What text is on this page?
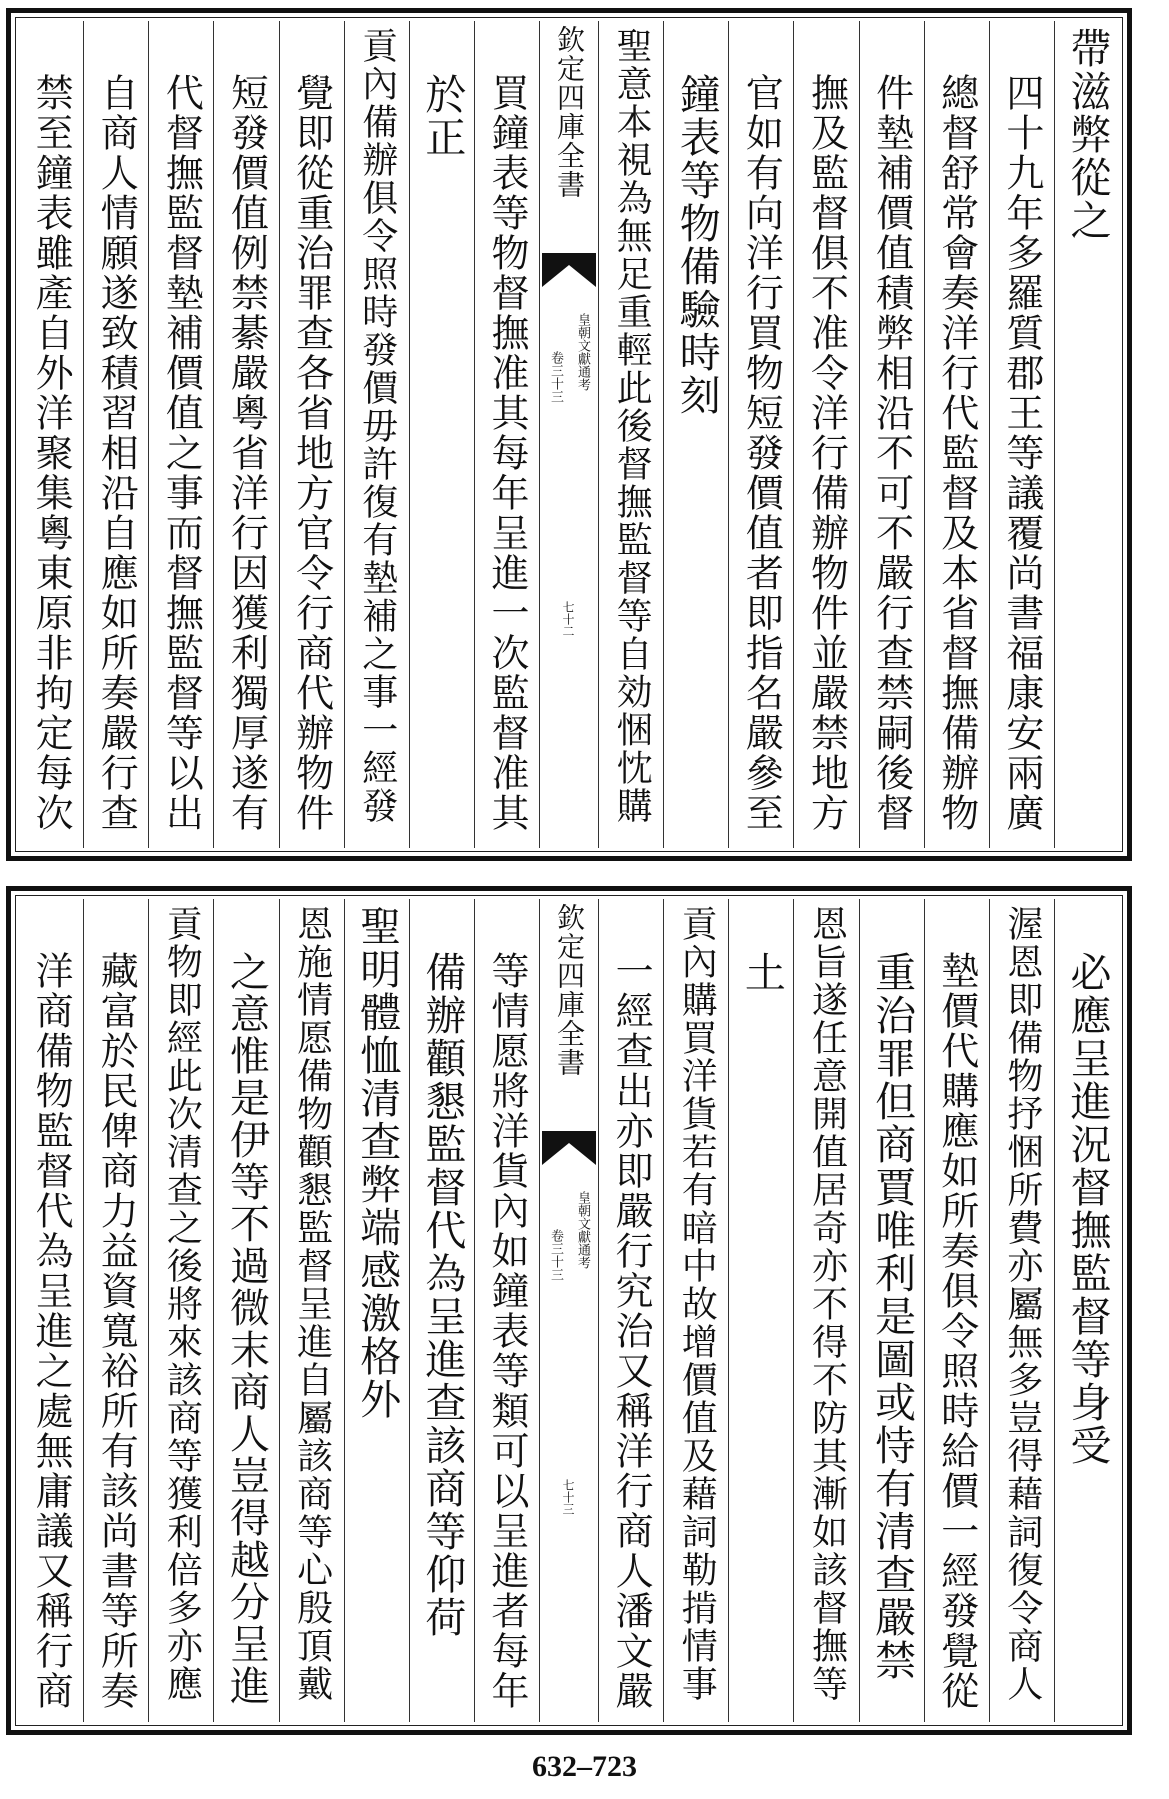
帶滋弊從之
四十九年多羅質郡王等議覆尚書福康安兩廣
總督舒常會奏洋行代監督及本省督撫備辦物
件墊補價值積弊相沿不可不嚴行查禁嗣後督
撫及監督俱不准令洋行備辦物件並嚴禁地方
官如有向洋行買物短發價值者即指名嚴參至
鐘表等物備驗時刻
聖意本視為無足重輕此後督撫監督等自効悃忱購
欽定四庫全書
皇朝文獻通考
卷三十三
七十二
買鐘表等物督撫准其每年呈進一次監督准其
於正
貢內備辦俱令照時發價毋許復有墊補之事一經發
覺即從重治罪查各省地方官令行商代辦物件
短發價值例禁綦嚴粵省洋行因獲利獨厚遂有
代督撫監督墊補價值之事而督撫監督等以出
自商人情願遂致積習相沿自應如所奏嚴行查
禁至鐘表雖產自外洋聚集粵東原非拘定每次
必應呈進況督撫監督等身受
渥恩即備物抒悃所費亦屬無多豈得藉詞復令商人
墊價代購應如所奏俱令照時給價一經發覺從
重治罪但商賈唯利是圖或恃有清查嚴禁
恩旨遂任意開值居奇亦不得不防其漸如該督撫等
土
貢內購買洋貨若有暗中故增價值及藉詞勒掯情事
一經查出亦即嚴行究治又稱洋行商人潘文嚴
欽定四庫全書
皇朝文獻通考
卷三十三
七十三
等情愿將洋貨內如鐘表等類可以呈進者每年
備辦顴懇監督代為呈進查該商等仰荷
聖明體恤清查弊端感激格外
恩施情愿備物顴懇監督呈進自屬該商等心殷頂戴
之意惟是伊等不過微末商人豈得越分呈進
貢物即經此次清查之後將來該商等獲利倍多亦應
藏富於民俾商力益資寬裕所有該尚書等所奏
洋商備物監督代為呈進之處無庸議又稱行商
632–723
